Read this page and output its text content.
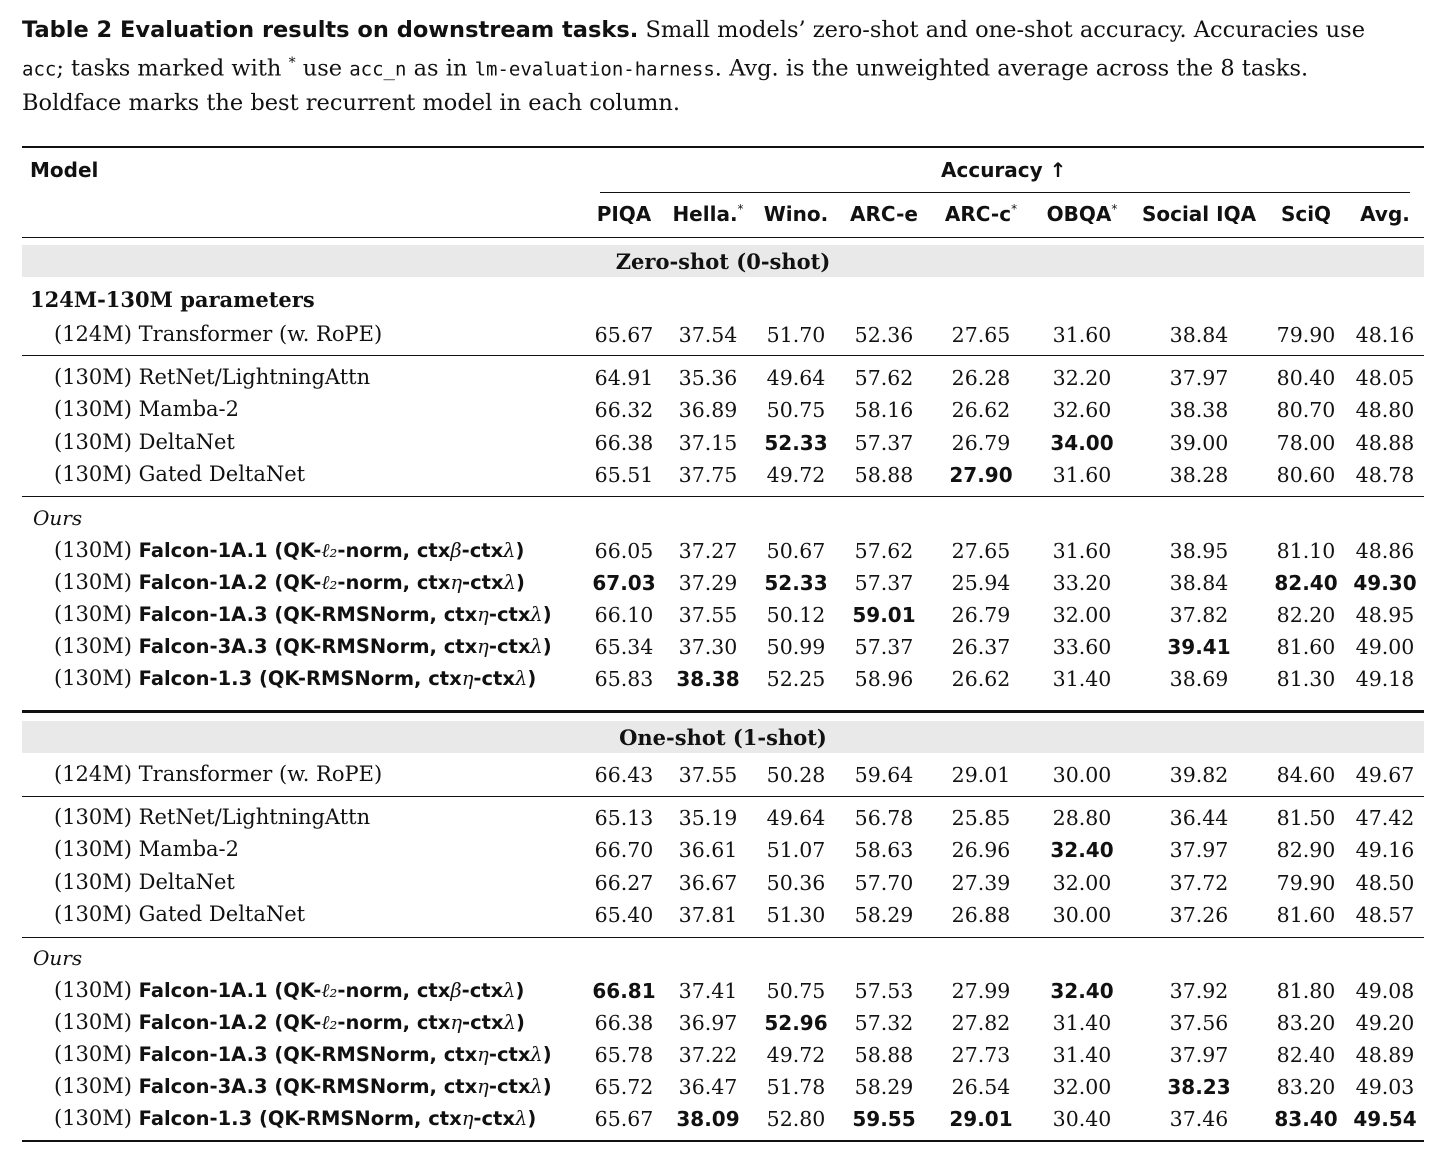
Table 2 Evaluation results on downstream tasks. Small models’ zero-shot and one-shot accuracy. Accuracies use
acc; tasks marked with * use acc_n as in lm-evaluation-harness. Avg. is the unweighted average across the 8 tasks.
Boldface marks the best recurrent model in each column.
Model	Accuracy ↑
PIQA Hella.* Wino. ARC-e ARC-c* OBQA* Social IQA SciQ Avg.
Zero-shot (0-shot)
124M-130M parameters
(124M) Transformer (w. RoPE)	65.67 37.54 51.70 52.36 27.65 31.60	38.84 79.90 48.16
(130M) RetNet/LightningAttn	64.91 35.36 49.64 57.62 26.28 32.20	37.97 80.40 48.05
(130M) Mamba-2	66.32 36.89 50.75 58.16 26.62 32.60	38.38 80.70 48.80
(130M) DeltaNet	66.38 37.15 52.33 57.37 26.79 34.00	39.00 78.00 48.88
(130M) Gated DeltaNet	65.51 37.75 49.72 58.88 27.90 31.60	38.28 80.60 48.78
Ours
(130M) Falcon-1A.1 (QK-ℓ₂-norm, ctxβ-ctxλ)	66.05 37.27 50.67 57.62 27.65 31.60	38.95 81.10 48.86
(130M) Falcon-1A.2 (QK-ℓ₂-norm, ctxη-ctxλ)	67.03 37.29 52.33 57.37 25.94 33.20	38.84 82.40 49.30
(130M) Falcon-1A.3 (QK-RMSNorm, ctxη-ctxλ) 66.10 37.55 50.12 59.01 26.79 32.00	37.82 82.20 48.95
(130M) Falcon-3A.3 (QK-RMSNorm, ctxη-ctxλ) 65.34 37.30 50.99 57.37 26.37 33.60	39.41 81.60 49.00
(130M) Falcon-1.3 (QK-RMSNorm, ctxη-ctxλ)	65.83 38.38 52.25 58.96 26.62 31.40	38.69 81.30 49.18
One-shot (1-shot)
(124M) Transformer (w. RoPE)	66.43 37.55 50.28 59.64 29.01 30.00	39.82 84.60 49.67
(130M) RetNet/LightningAttn	65.13 35.19 49.64 56.78 25.85 28.80	36.44 81.50 47.42
(130M) Mamba-2	66.70 36.61 51.07 58.63 26.96 32.40	37.97 82.90 49.16
(130M) DeltaNet	66.27 36.67 50.36 57.70 27.39 32.00	37.72 79.90 48.50
(130M) Gated DeltaNet	65.40 37.81 51.30 58.29 26.88 30.00	37.26 81.60 48.57
Ours
(130M) Falcon-1A.1 (QK-ℓ₂-norm, ctxβ-ctxλ)	66.81 37.41 50.75 57.53 27.99 32.40	37.92 81.80 49.08
(130M) Falcon-1A.2 (QK-ℓ₂-norm, ctxη-ctxλ)	66.38 36.97 52.96 57.32 27.82 31.40	37.56 83.20 49.20
(130M) Falcon-1A.3 (QK-RMSNorm, ctxη-ctxλ) 65.78 37.22 49.72 58.88 27.73 31.40	37.97 82.40 48.89
(130M) Falcon-3A.3 (QK-RMSNorm, ctxη-ctxλ) 65.72 36.47 51.78 58.29 26.54 32.00	38.23 83.20 49.03
(130M) Falcon-1.3 (QK-RMSNorm, ctxη-ctxλ)	65.67 38.09 52.80 59.55 29.01 30.40	37.46 83.40 49.54
